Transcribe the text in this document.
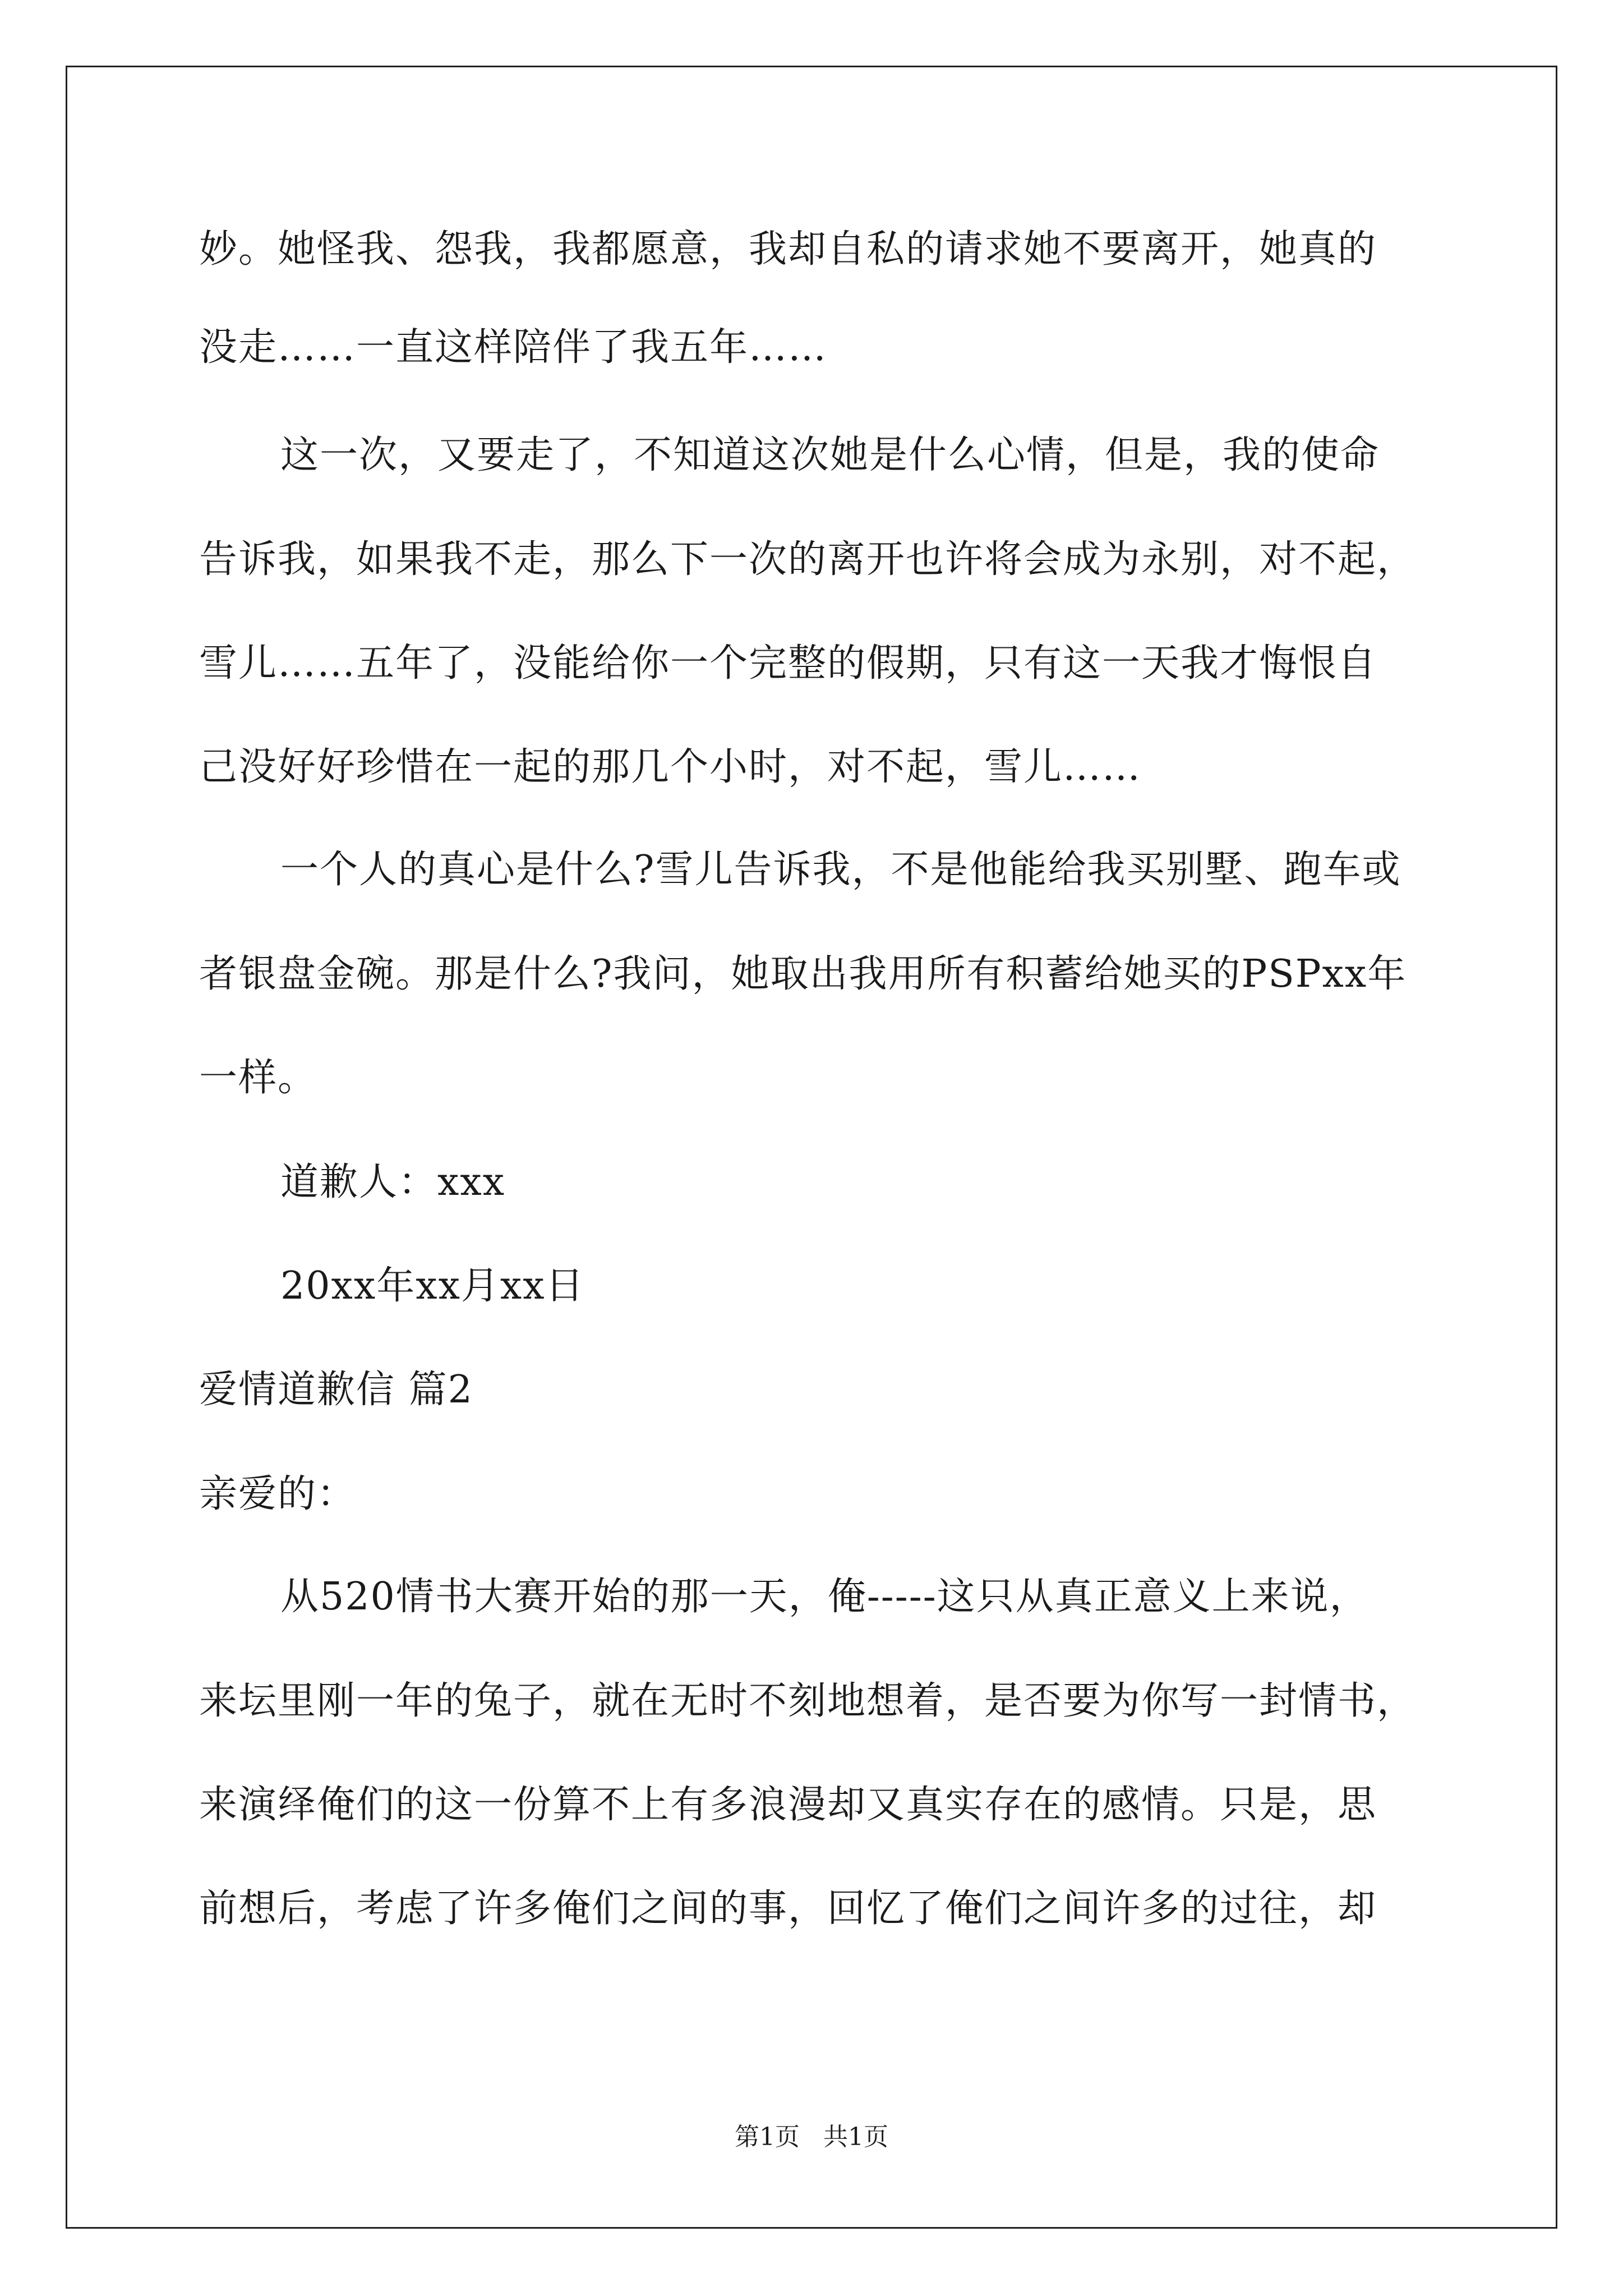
妙。她怪我、怨我，我都愿意，我却自私的请求她不要离开，她真的
没走……一直这样陪伴了我五年……
这一次，又要走了，不知道这次她是什么心情，但是，我的使命
告诉我，如果我不走，那么下一次的离开也许将会成为永别，对不起，
雪儿……五年了，没能给你一个完整的假期，只有这一天我才悔恨自
己没好好珍惜在一起的那几个小时，对不起，雪儿……
一个人的真心是什么?雪儿告诉我，不是他能给我买别墅、跑车或
者银盘金碗。那是什么?我问，她取出我用所有积蓄给她买的PSPxx年
一样。
道歉人：xxx
20xx年xx月xx日
爱情道歉信 篇2
亲爱的：
从520情书大赛开始的那一天，俺-----这只从真正意义上来说，
来坛里刚一年的兔子，就在无时不刻地想着，是否要为你写一封情书，
来演绎俺们的这一份算不上有多浪漫却又真实存在的感情。只是，思
前想后，考虑了许多俺们之间的事，回忆了俺们之间许多的过往，却
第1页   共1页
